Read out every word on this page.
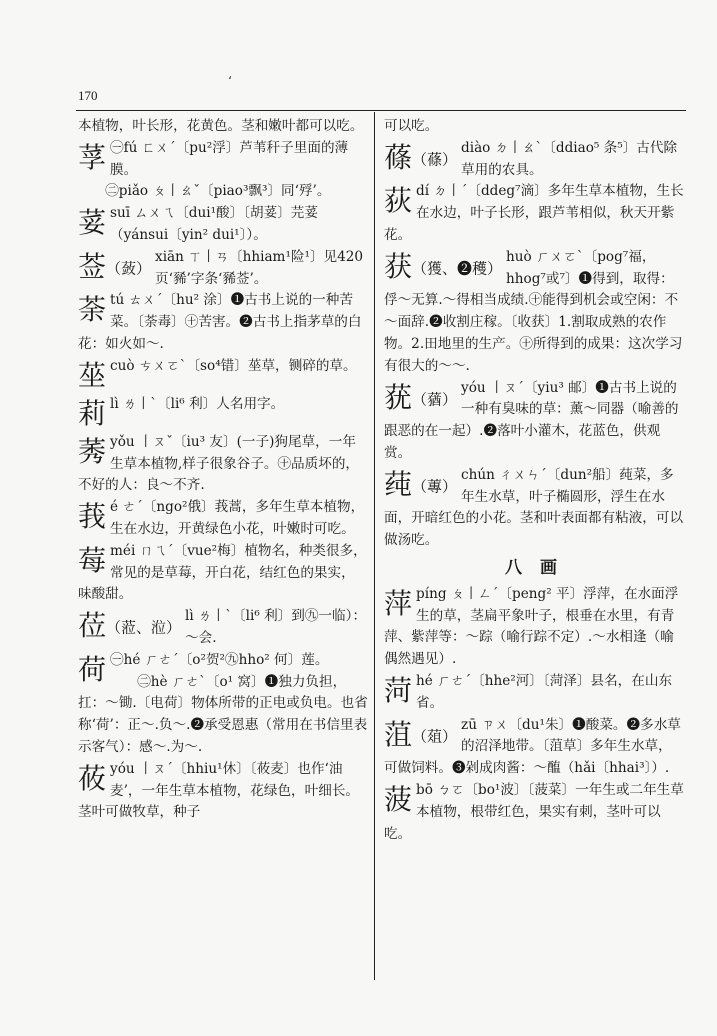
‘
170

本植物，叶长形，花黄色。茎和嫩叶都可以吃。

莩 ㊀fú ㄈㄨˊ〔pu²浮〕芦苇秆子里面的薄膜。

㊁piǎo ㄆ丨ㄠˇ〔piao³飘³〕同‘殍’。

荽 suī ㄙㄨㄟ〔dui¹酸〕〔胡荽〕芫荽（yánsui〔yin² dui¹〕）。

莶（蔹）

xiān ㄒ丨ㄢ〔hhiam¹险¹〕见420页‘豨’字条‘豨莶’。

荼 tú ㄊㄨˊ〔hu² 涂〕❶古书上说的一种苦菜。〔荼毒〕㊉苦害。❷古书上指茅草的白花：如火如～.

莝 cuò ㄘㄨㄛˋ〔so⁴错〕莝草，铡碎的草。

莉 lì ㄌ丨ˋ〔li⁶ 利〕人名用字。

莠 yǒu 丨ㄡˇ〔iu³ 友〕(一子)狗尾草，一年生草本植物,样子很象谷子。㊉品质坏的，不好的人：良～不齐.

莪 é ㄜˊ〔ngo²俄〕莪蒿，多年生草本植物，生在水边，开黄绿色小花，叶嫩时可吃。

莓 méi ㄇㄟˊ〔vue²梅〕植物名，种类很多，常见的是草莓，开白花，结红色的果实，味酸甜。

莅（蒞、涖）

lì ㄌ丨ˋ〔li⁶ 利〕到㊈一临）：～会.

荷 ㊀hé ㄏㄜˊ〔o²贺²㊈hho² 何〕莲。

㊁hè ㄏㄜˋ〔o¹ 窝〕❶独力负担，扛：～锄.〔电荷〕物体所带的正电或负电。也省称‘荷’：正～.负～.❷承受恩惠（常用在书信里表示客气）：感～.为～.

莜 yóu 丨ㄡˊ〔hhiu¹休〕〔莜麦〕也作‘油麦’，一年生草本植物，花绿色，叶细长。茎叶可做牧草，种子

可以吃。

蓧（蓧）

diào ㄉ丨ㄠˋ〔ddiao⁵ 条⁵〕古代除草用的农具。

荻 dí ㄉ丨ˊ〔ddeg⁷滴〕多年生草本植物，生长在水边，叶子长形，跟芦苇相似，秋天开紫花。

获（獲、❷穫）

huò ㄏㄨㄛˋ〔pog⁷福，hhog⁷或⁷〕❶得到，取得：俘～无算.～得相当成绩.㊉能得到机会或空闲：不～面辞.❷收割庄稼。〔收获〕1.割取成熟的农作物。2.田地里的生产。㊉所得到的成果：这次学习有很大的～～.

莸（蕕）

yóu 丨ㄡˊ〔yiu³ 邮〕❶古书上说的一种有臭味的草：薰～同器（喻善的跟恶的在一起）.❷落叶小灌木，花蓝色，供观赏。

莼（蓴）

chún ㄔㄨㄣˊ〔dun²船〕莼菜，多年生水草，叶子椭圆形，浮生在水面，开暗红色的小花。茎和叶表面都有粘液，可以做汤吃。

八 画
萍 píng ㄆ丨ㄥˊ〔peng² 平〕浮萍，在水面浮生的草，茎扁平象叶子，根垂在水里，有青萍、紫萍等：～踪（喻行踪不定）.～水相逢（喻偶然遇见）.

菏 hé ㄏㄜˊ〔hhe²河〕〔菏泽〕县名，在山东省。

菹（葅）

zū ㄗㄨ〔du¹朱〕❶酸菜。❷多水草的沼泽地带。〔菹草〕多年生水草，可做饲料。❸剁成肉酱：～醢（hǎi〔hhai³〕）.

菠 bō ㄅㄛ〔bo¹波〕〔菠菜〕一年生或二年生草本植物，根带红色，果实有刺，茎叶可以吃。
